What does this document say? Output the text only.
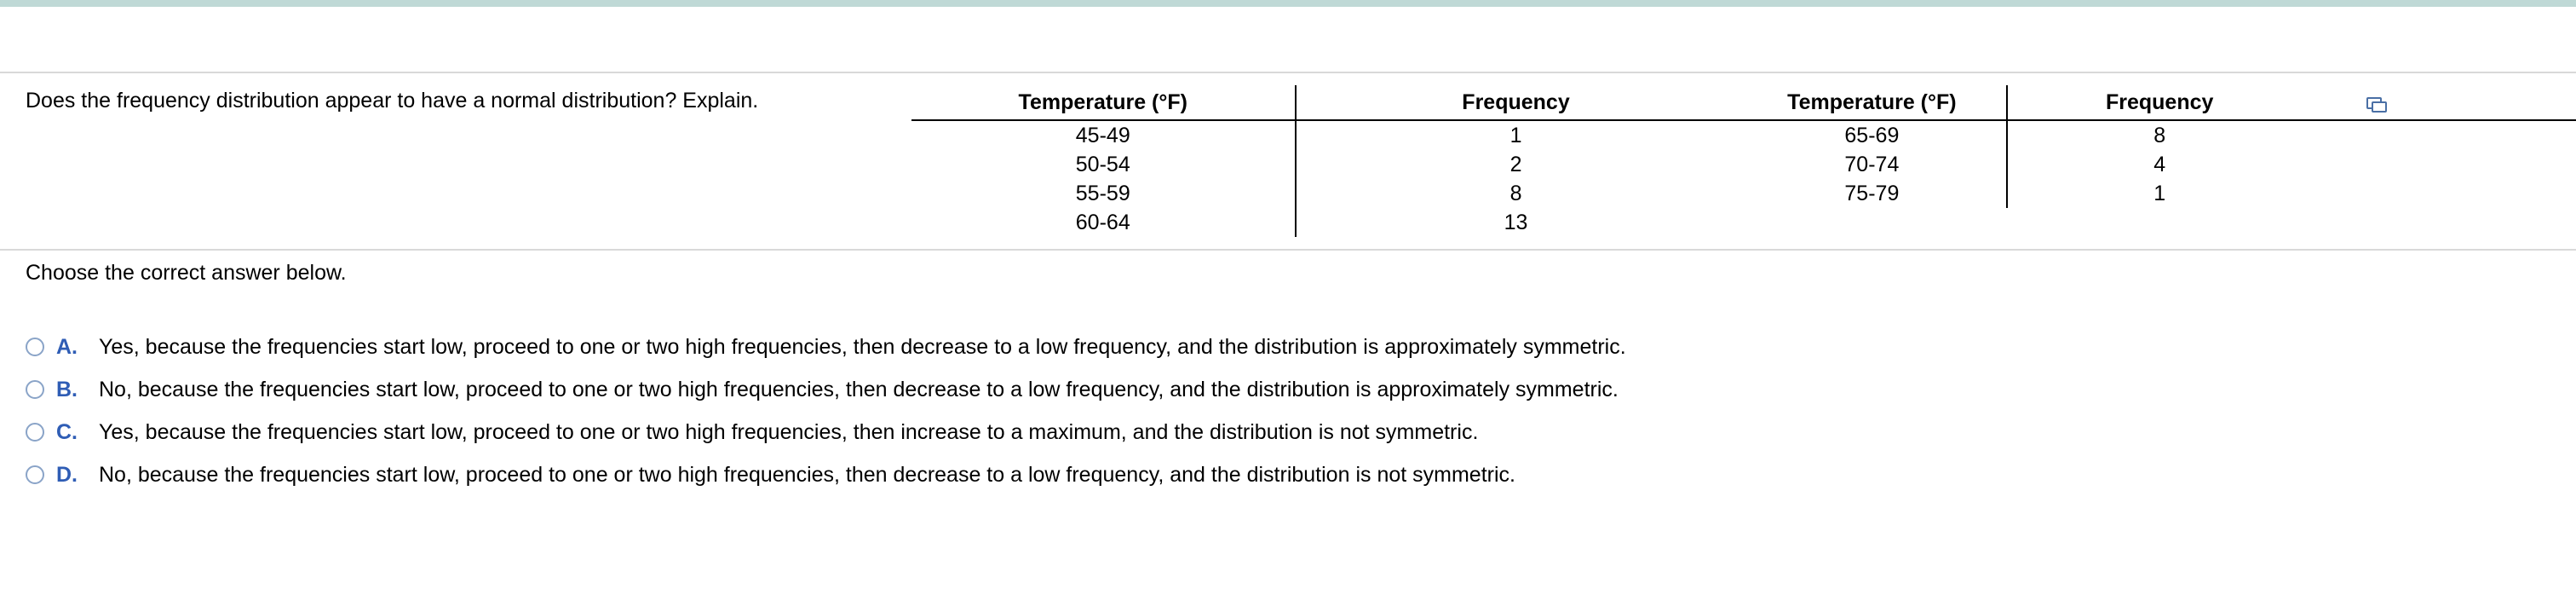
Does the frequency distribution appear to have a normal distribution? Explain.	Temperature (°F)	Frequency	Temperature (°F)	Frequency	

45-49	1	65-69	8	
50-54	2	70-74	4	
55-59	8	75-79	1	
60-64	13			
Choose the correct answer below.
A.	Yes, because the frequencies start low, proceed to one or two high frequencies, then decrease to a low frequency, and the distribution is approximately symmetric.
B.	No, because the frequencies start low, proceed to one or two high frequencies, then decrease to a low frequency, and the distribution is approximately symmetric.
C.	Yes, because the frequencies start low, proceed to one or two high frequencies, then increase to a maximum, and the distribution is not symmetric.
D.	No, because the frequencies start low, proceed to one or two high frequencies, then decrease to a low frequency, and the distribution is not symmetric.
